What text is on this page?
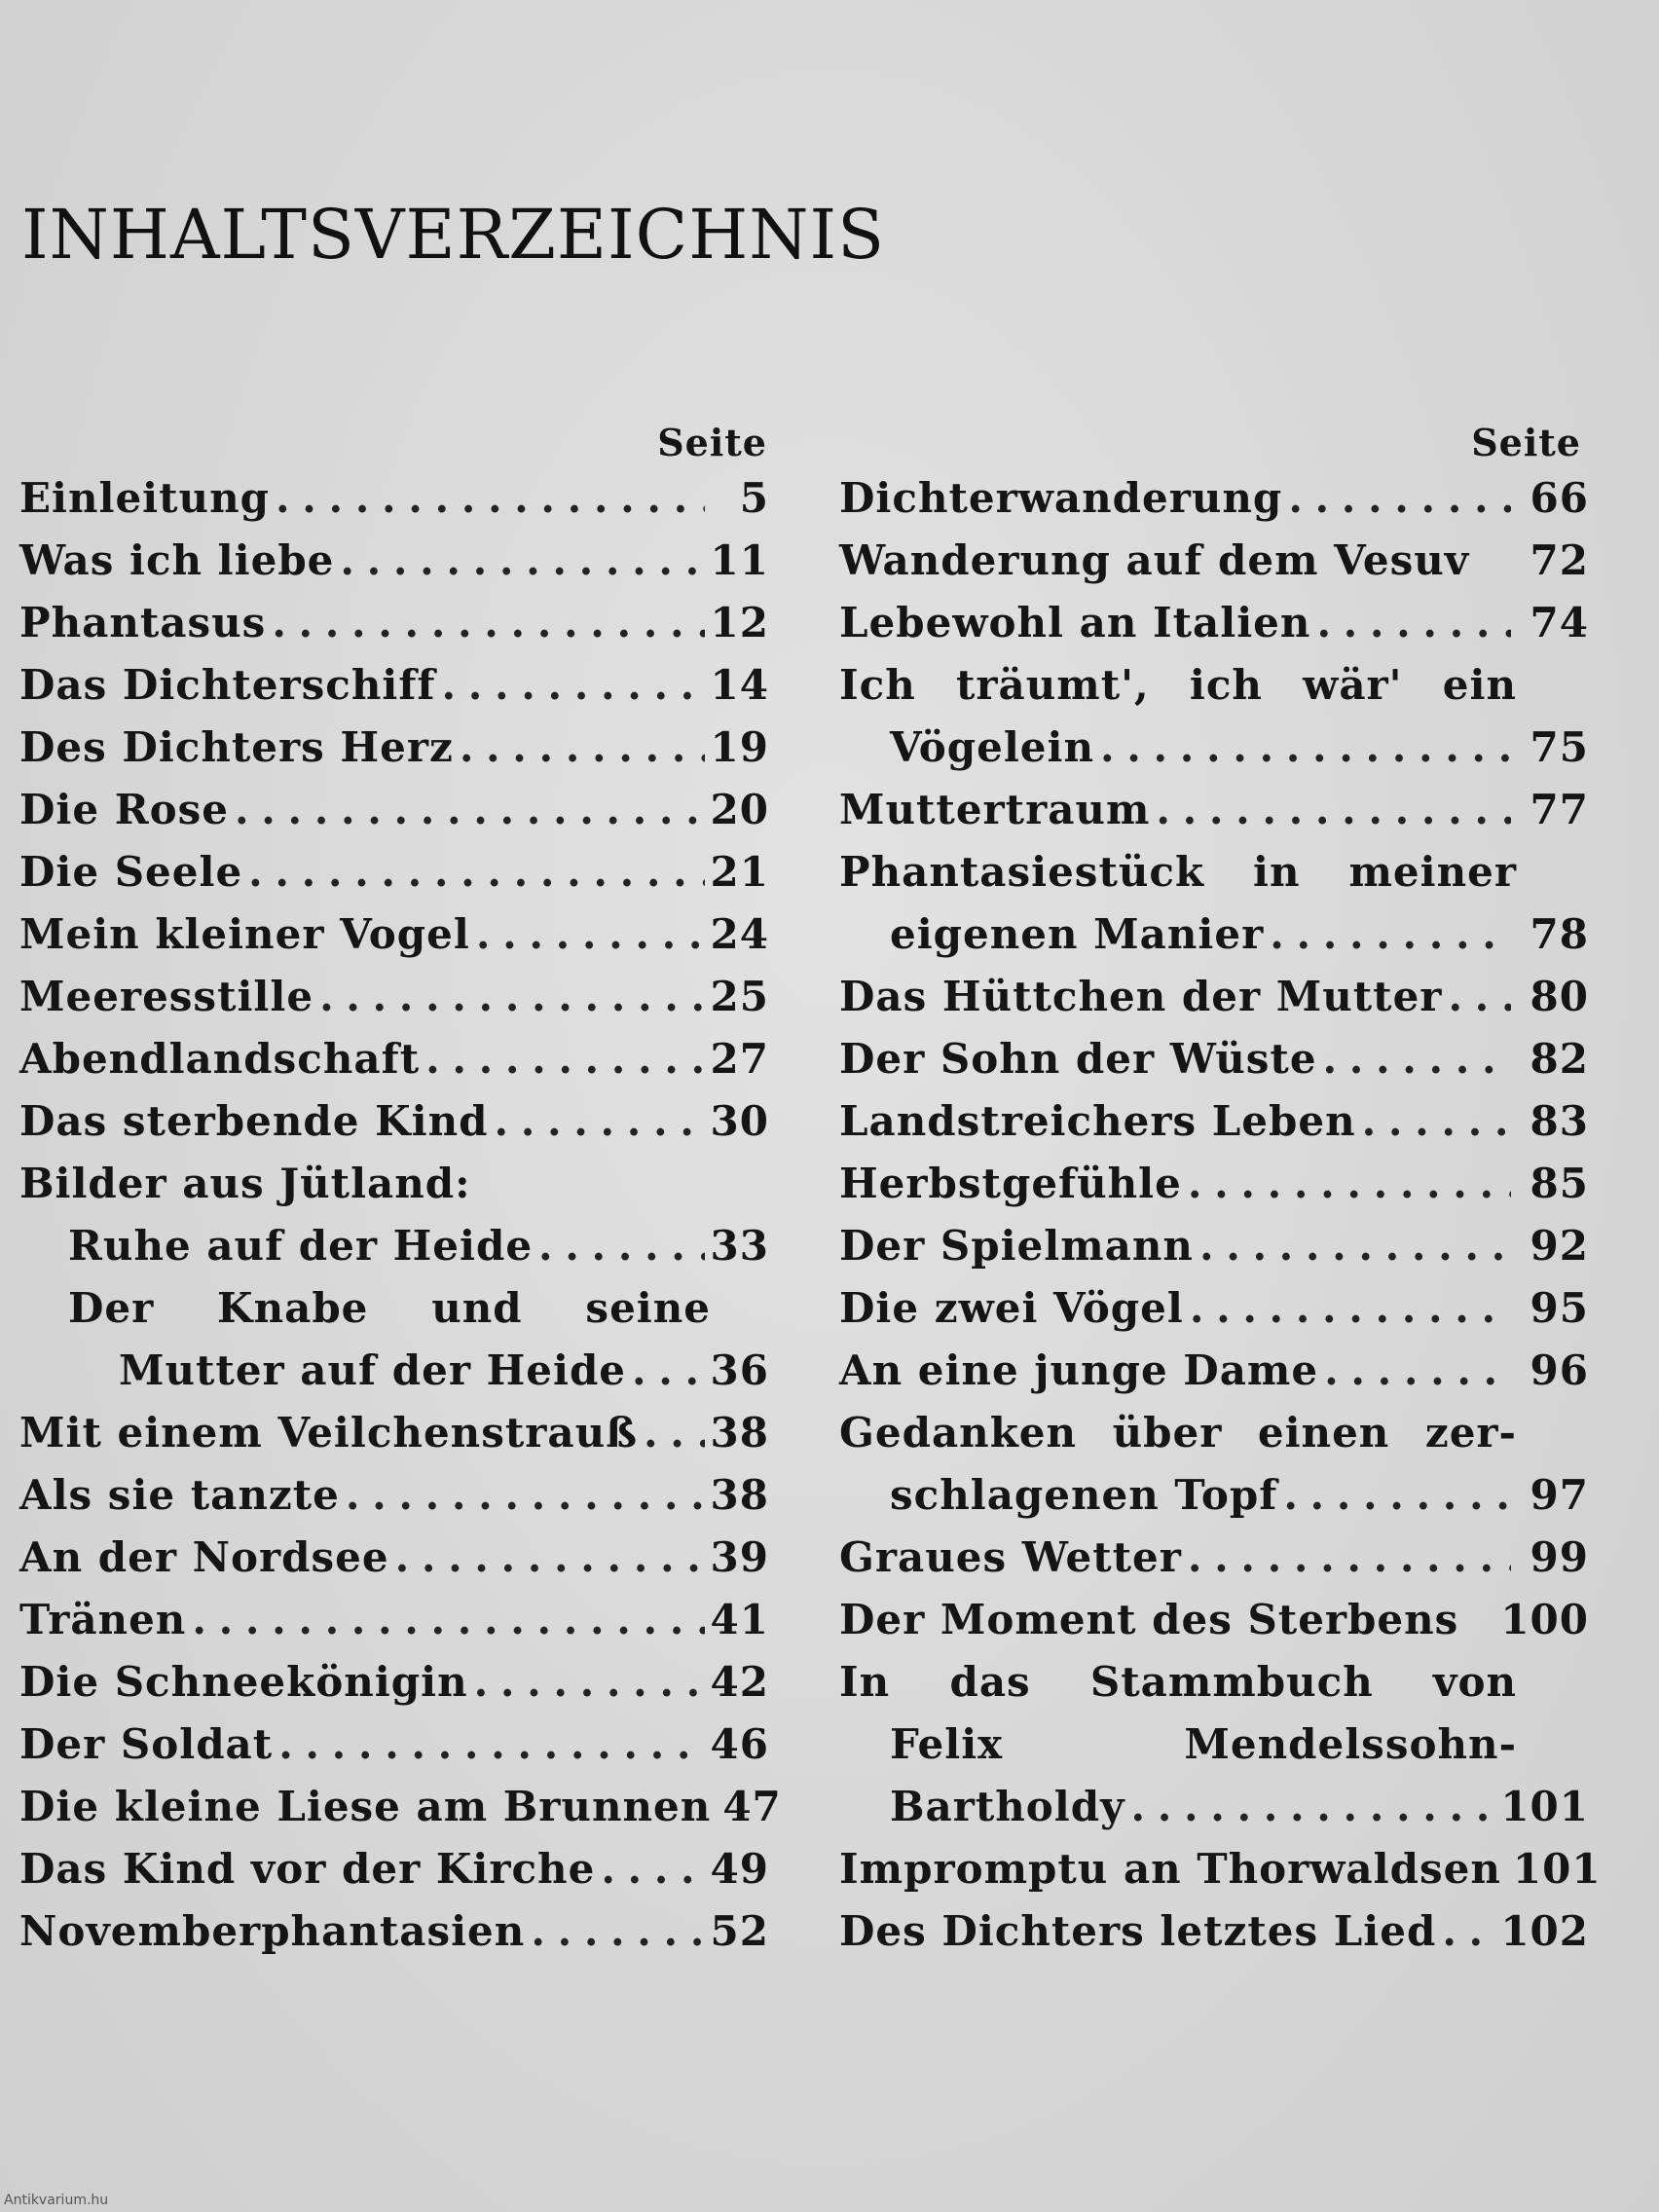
INHALTSVERZEICHNIS
Seite
Einleitung . . .	5
Was ich liebe . . .	11
Phantasus . . .	12
Das Dichterschiff . . .	14
Des Dichters Herz . . .	19
Die Rose . . .	20
Die Seele . . .	21
Mein kleiner Vogel . . .	24
Meeresstille . . .	25
Abendlandschaft . . .	27
Das sterbende Kind . . .	30
Bilder aus Jütland:
Ruhe auf der Heide . . .	33
Der Knabe und seine
Mutter auf der Heide . . . 36
Mit einem Veilchenstrauß . . . 38
Als sie tanzte . . .	38
An der Nordsee . . .	39
Tränen . . .	41
Die Schneekönigin . . .	42
Der Soldat . . .	46
Die kleine Liese am Brunnen 47
Das Kind vor der Kirche . . .	49
Novemberphantasien . . .	52
Seite
Dichterwanderung . . .	66
Wanderung auf dem Vesuv	72
Lebewohl an Italien . . .	74
Ich träumt', ich wär' ein
Vögelein . . .	75
Muttertraum . . .	77
Phantasiestück in meiner
eigenen Manier . . .	78
Das Hüttchen der Mutter . . .	80
Der Sohn der Wüste . . .	82
Landstreichers Leben . . .	83
Herbstgefühle . . .	85
Der Spielmann . . .	92
Die zwei Vögel . . .	95
An eine junge Dame . . .	96
Gedanken über einen zer-
schlagenen Topf . . .	97
Graues Wetter . . .	99
Der Moment des Sterbens 100
In das Stammbuch von
Felix Mendelssohn-
Bartholdy . . .	101
Impromptu an Thorwaldsen 101
Des Dichters letztes Lied . . . 102
Antikvarium.hu
